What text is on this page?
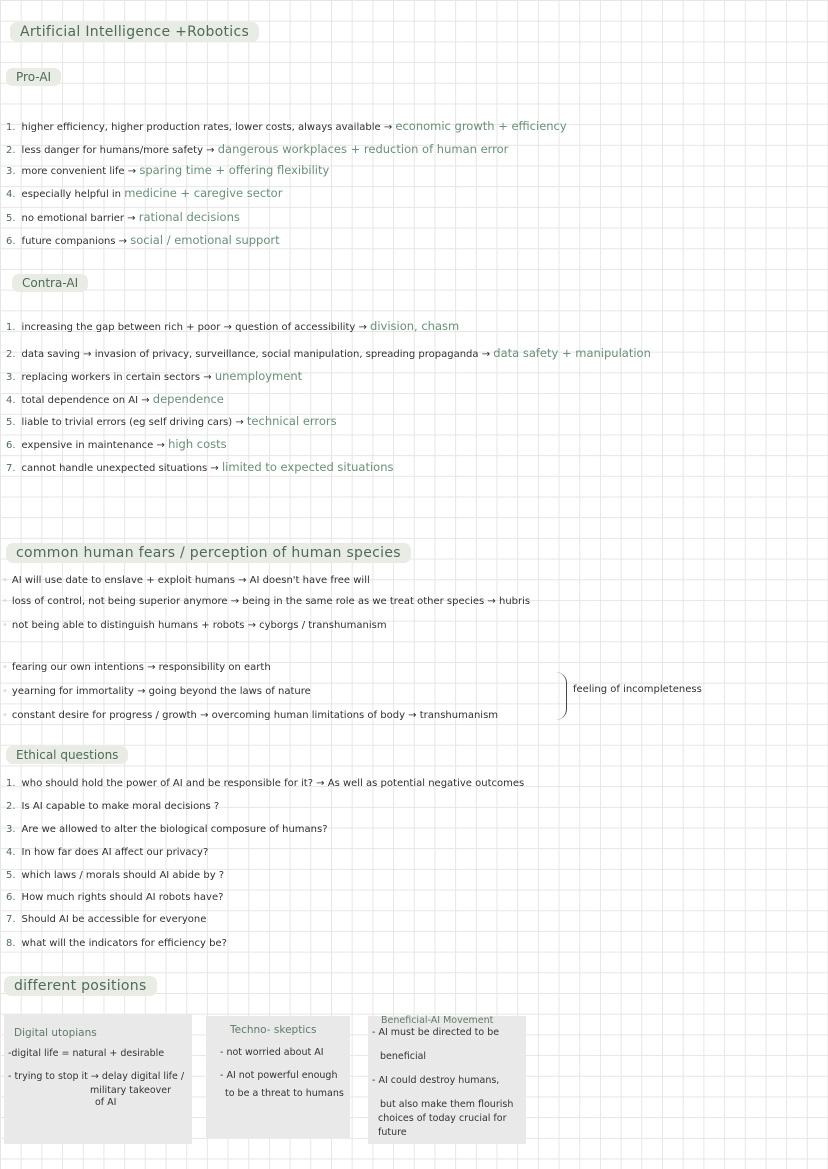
Artificial Intelligence +Robotics
Pro-AI
1. higher efficiency, higher production rates, lower costs, always available → economic growth + efficiency
2. less danger for humans/more safety → dangerous workplaces + reduction of human error
3. more convenient life → sparing time + offering flexibility
4. especially helpful in medicine + caregive sector
5. no emotional barrier → rational decisions
6. future companions → social / emotional support
Contra-AI
1. increasing the gap between rich + poor → question of accessibility → division, chasm
2. data saving → invasion of privacy, surveillance, social manipulation, spreading propaganda → data safety + manipulation
3. replacing workers in certain sectors → unemployment
4. total dependence on AI → dependence
5. liable to trivial errors (eg self driving cars) → technical errors
6. expensive in maintenance → high costs
7. cannot handle unexpected situations → limited to expected situations
common human fears / perception of human species
• AI will use date to enslave + exploit humans → AI doesn't have free will
• loss of control, not being superior anymore → being in the same role as we treat other species → hubris
• not being able to distinguish humans + robots → cyborgs / transhumanism
• fearing our own intentions → responsibility on earth
• yearning for immortality → going beyond the laws of nature
• constant desire for progress / growth → overcoming human limitations of body → transhumanism
feeling of incompleteness
Ethical questions
1. who should hold the power of AI and be responsible for it? → As well as potential negative outcomes
2. Is AI capable to make moral decisions ?
3. Are we allowed to alter the biological composure of humans?
4. In how far does AI affect our privacy?
5. which laws / morals should AI abide by ?
6. How much rights should AI robots have?
7. Should AI be accessible for everyone
8. what will the indicators for efficiency be?
different positions
Digital utopians
-digital life = natural + desirable
- trying to stop it → delay digital life /
military takeover
of AI
Techno- skeptics
- not worried about AI
- AI not powerful enough
to be a threat to humans
Beneficial-AI Movement
- AI must be directed to be
beneficial
- AI could destroy humans,
but also make them flourish
choices of today crucial for
future
